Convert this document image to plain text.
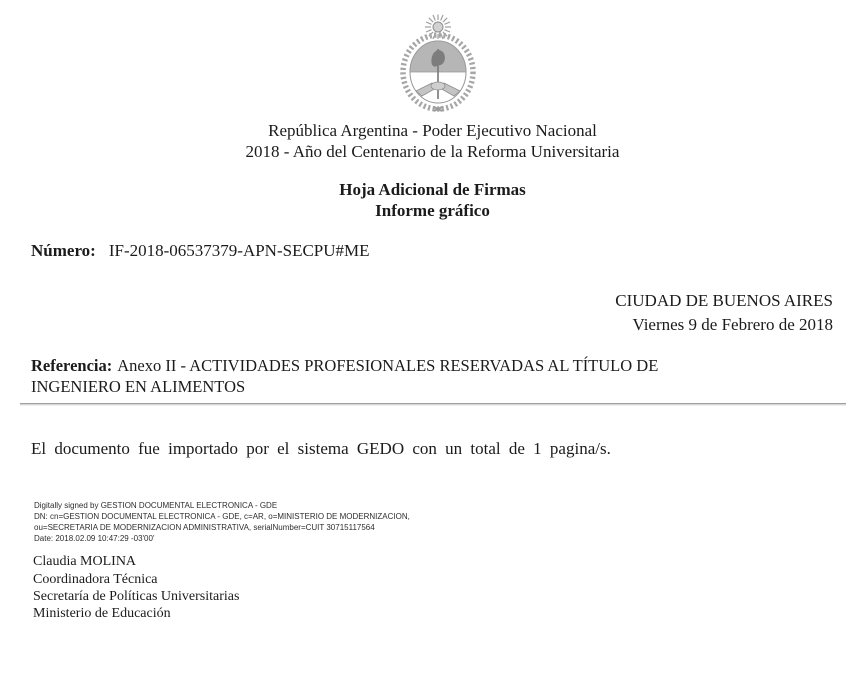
República Argentina - Poder Ejecutivo Nacional
2018 - Año del Centenario de la Reforma Universitaria
Hoja Adicional de Firmas
Informe gráfico
Número: IF-2018-06537379-APN-SECPU#ME
CIUDAD DE BUENOS AIRES
Viernes 9 de Febrero de 2018
Referencia: Anexo II - ACTIVIDADES PROFESIONALES RESERVADAS AL TÍTULO DE
INGENIERO EN ALIMENTOS
El documento fue importado por el sistema GEDO con un total de 1 pagina/s.
Digitally signed by GESTION DOCUMENTAL ELECTRONICA - GDE
DN: cn=GESTION DOCUMENTAL ELECTRONICA - GDE, c=AR, o=MINISTERIO DE MODERNIZACION,
ou=SECRETARIA DE MODERNIZACION ADMINISTRATIVA, serialNumber=CUIT 30715117564
Date: 2018.02.09 10:47:29 -03'00'
Claudia MOLINA
Coordinadora Técnica
Secretaría de Políticas Universitarias
Ministerio de Educación
